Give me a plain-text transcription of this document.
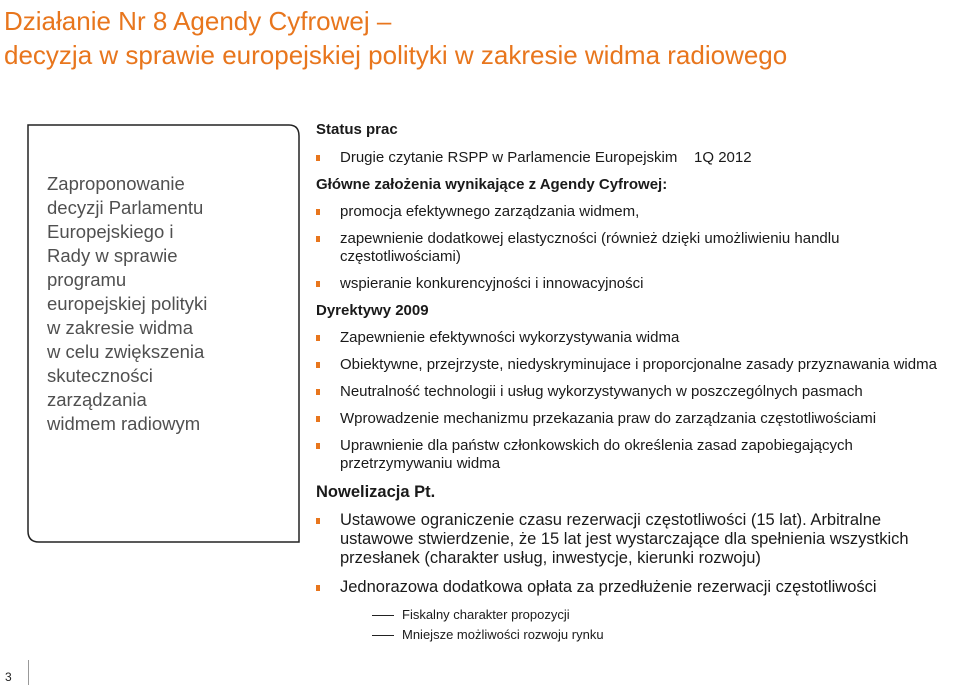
Działanie Nr 8 Agendy Cyfrowej –
decyzja w sprawie europejskiej polityki w zakresie widma radiowego
Zaproponowanie
decyzji Parlamentu
Europejskiego i
Rady w sprawie
programu
europejskiej polityki
w zakresie widma
w celu zwiększenia
skuteczności
zarządzania
widmem radiowym

Status prac

Drugie czytanie RSPP w Parlamencie Europejskim    1Q 2012

Główne założenia wynikające z Agendy Cyfrowej:

promocja efektywnego zarządzania widmem,
zapewnienie dodatkowej elastyczności (również dzięki umożliwieniu handlu częstotliwościami)
wspieranie konkurencyjności i innowacyjności

Dyrektywy 2009

Zapewnienie efektywności wykorzystywania widma
Obiektywne, przejrzyste, niedyskryminujace i proporcjonalne zasady przyznawania widma
Neutralność technologii i usług wykorzystywanych w poszczególnych pasmach
Wprowadzenie mechanizmu przekazania praw do zarządzania częstotliwościami
Uprawnienie dla państw członkowskich do określenia zasad zapobiegających przetrzymywaniu widma

Nowelizacja Pt.

Ustawowe ograniczenie czasu rezerwacji częstotliwości (15 lat). Arbitralne ustawowe stwierdzenie, że 15 lat jest wystarczające dla spełnienia wszystkich przesłanek (charakter usług, inwestycje, kierunki rozwoju)
Jednorazowa dodatkowa opłata za przedłużenie rezerwacji częstotliwości
Fiskalny charakter propozycji
Mniejsze możliwości rozwoju rynku
3
